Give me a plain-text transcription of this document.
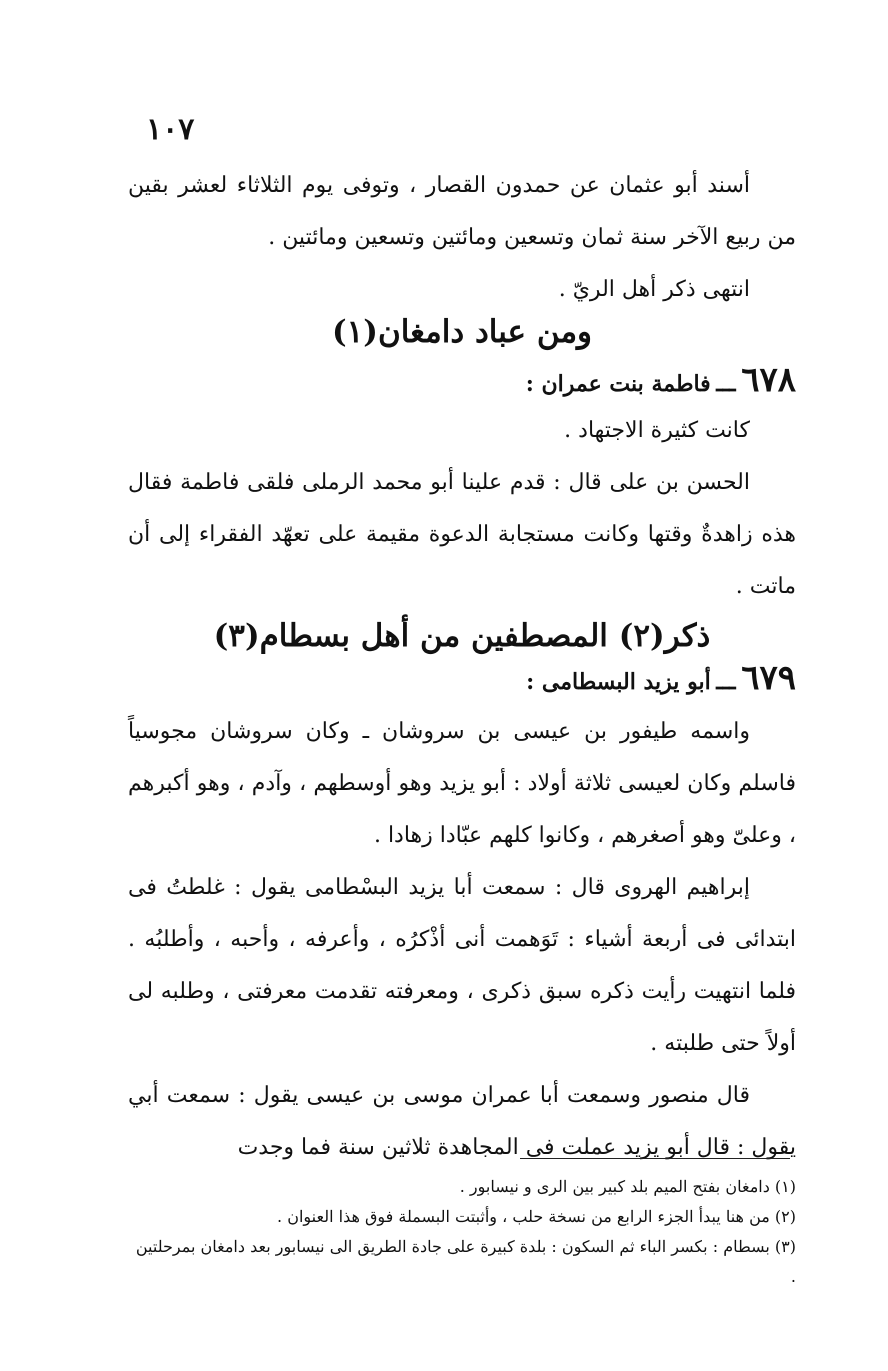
١٠٧

أسند أبو عثمان عن حمدون القصار ، وتوفى يوم الثلاثاء لعشر بقين من ربيع الآخر سنة ثمان وتسعين ومائتين وتسعين ومائتين .

انتهى ذكر أهل الريّ .

ومن عباد دامغان(١)
٦٧٨ ـــ فاطمة بنت عمران :

كانت كثيرة الاجتهاد .

الحسن بن على قال : قدم علينا أبو محمد الرملى فلقى فاطمة فقال هذه زاهدةٌ وقتها وكانت مستجابة الدعوة مقيمة على تعهّد الفقراء إلى أن ماتت .

ذكر(٢) المصطفين من أهل بسطام(٣)
٦٧٩ ـــ أبو يزيد البسطامى :

واسمه طيفور بن عيسى بن سروشان ـ وكان سروشان مجوسياً فاسلم وكان لعيسى ثلاثة أولاد : أبو يزيد وهو أوسطهم ، وآدم ، وهو أكبرهم ، وعلىّ وهو أصغرهم ، وكانوا كلهم عبّادا زهادا .

إبراهيم الهروى قال : سمعت أبا يزيد البسْطامى يقول : غلطتُ فى ابتدائى فى أربعة أشياء : تَوَهمت أنى أذْكرُه ، وأعرفه ، وأحبه ، وأطلبُه . فلما انتهيت رأيت ذكره سبق ذكرى ، ومعرفته تقدمت معرفتى ، وطلبه لى أولاً حتى طلبته .

قال منصور وسمعت أبا عمران موسى بن عيسى يقول : سمعت أبي يقول : قال أبو يزيد عملت فى المجاهدة ثلاثين سنة فما وجدت

(١) دامغان بفتح الميم بلد كبير بين الرى و نيسابور .

(٢) من هنا يبدأ الجزء الرابع من نسخة حلب ، وأثبتت البسملة فوق هذا العنوان .

(٣) بسطام : بكسر الباء ثم السكون : بلدة كبيرة على جادة الطريق الى نيسابور بعد دامغان بمرحلتين .
